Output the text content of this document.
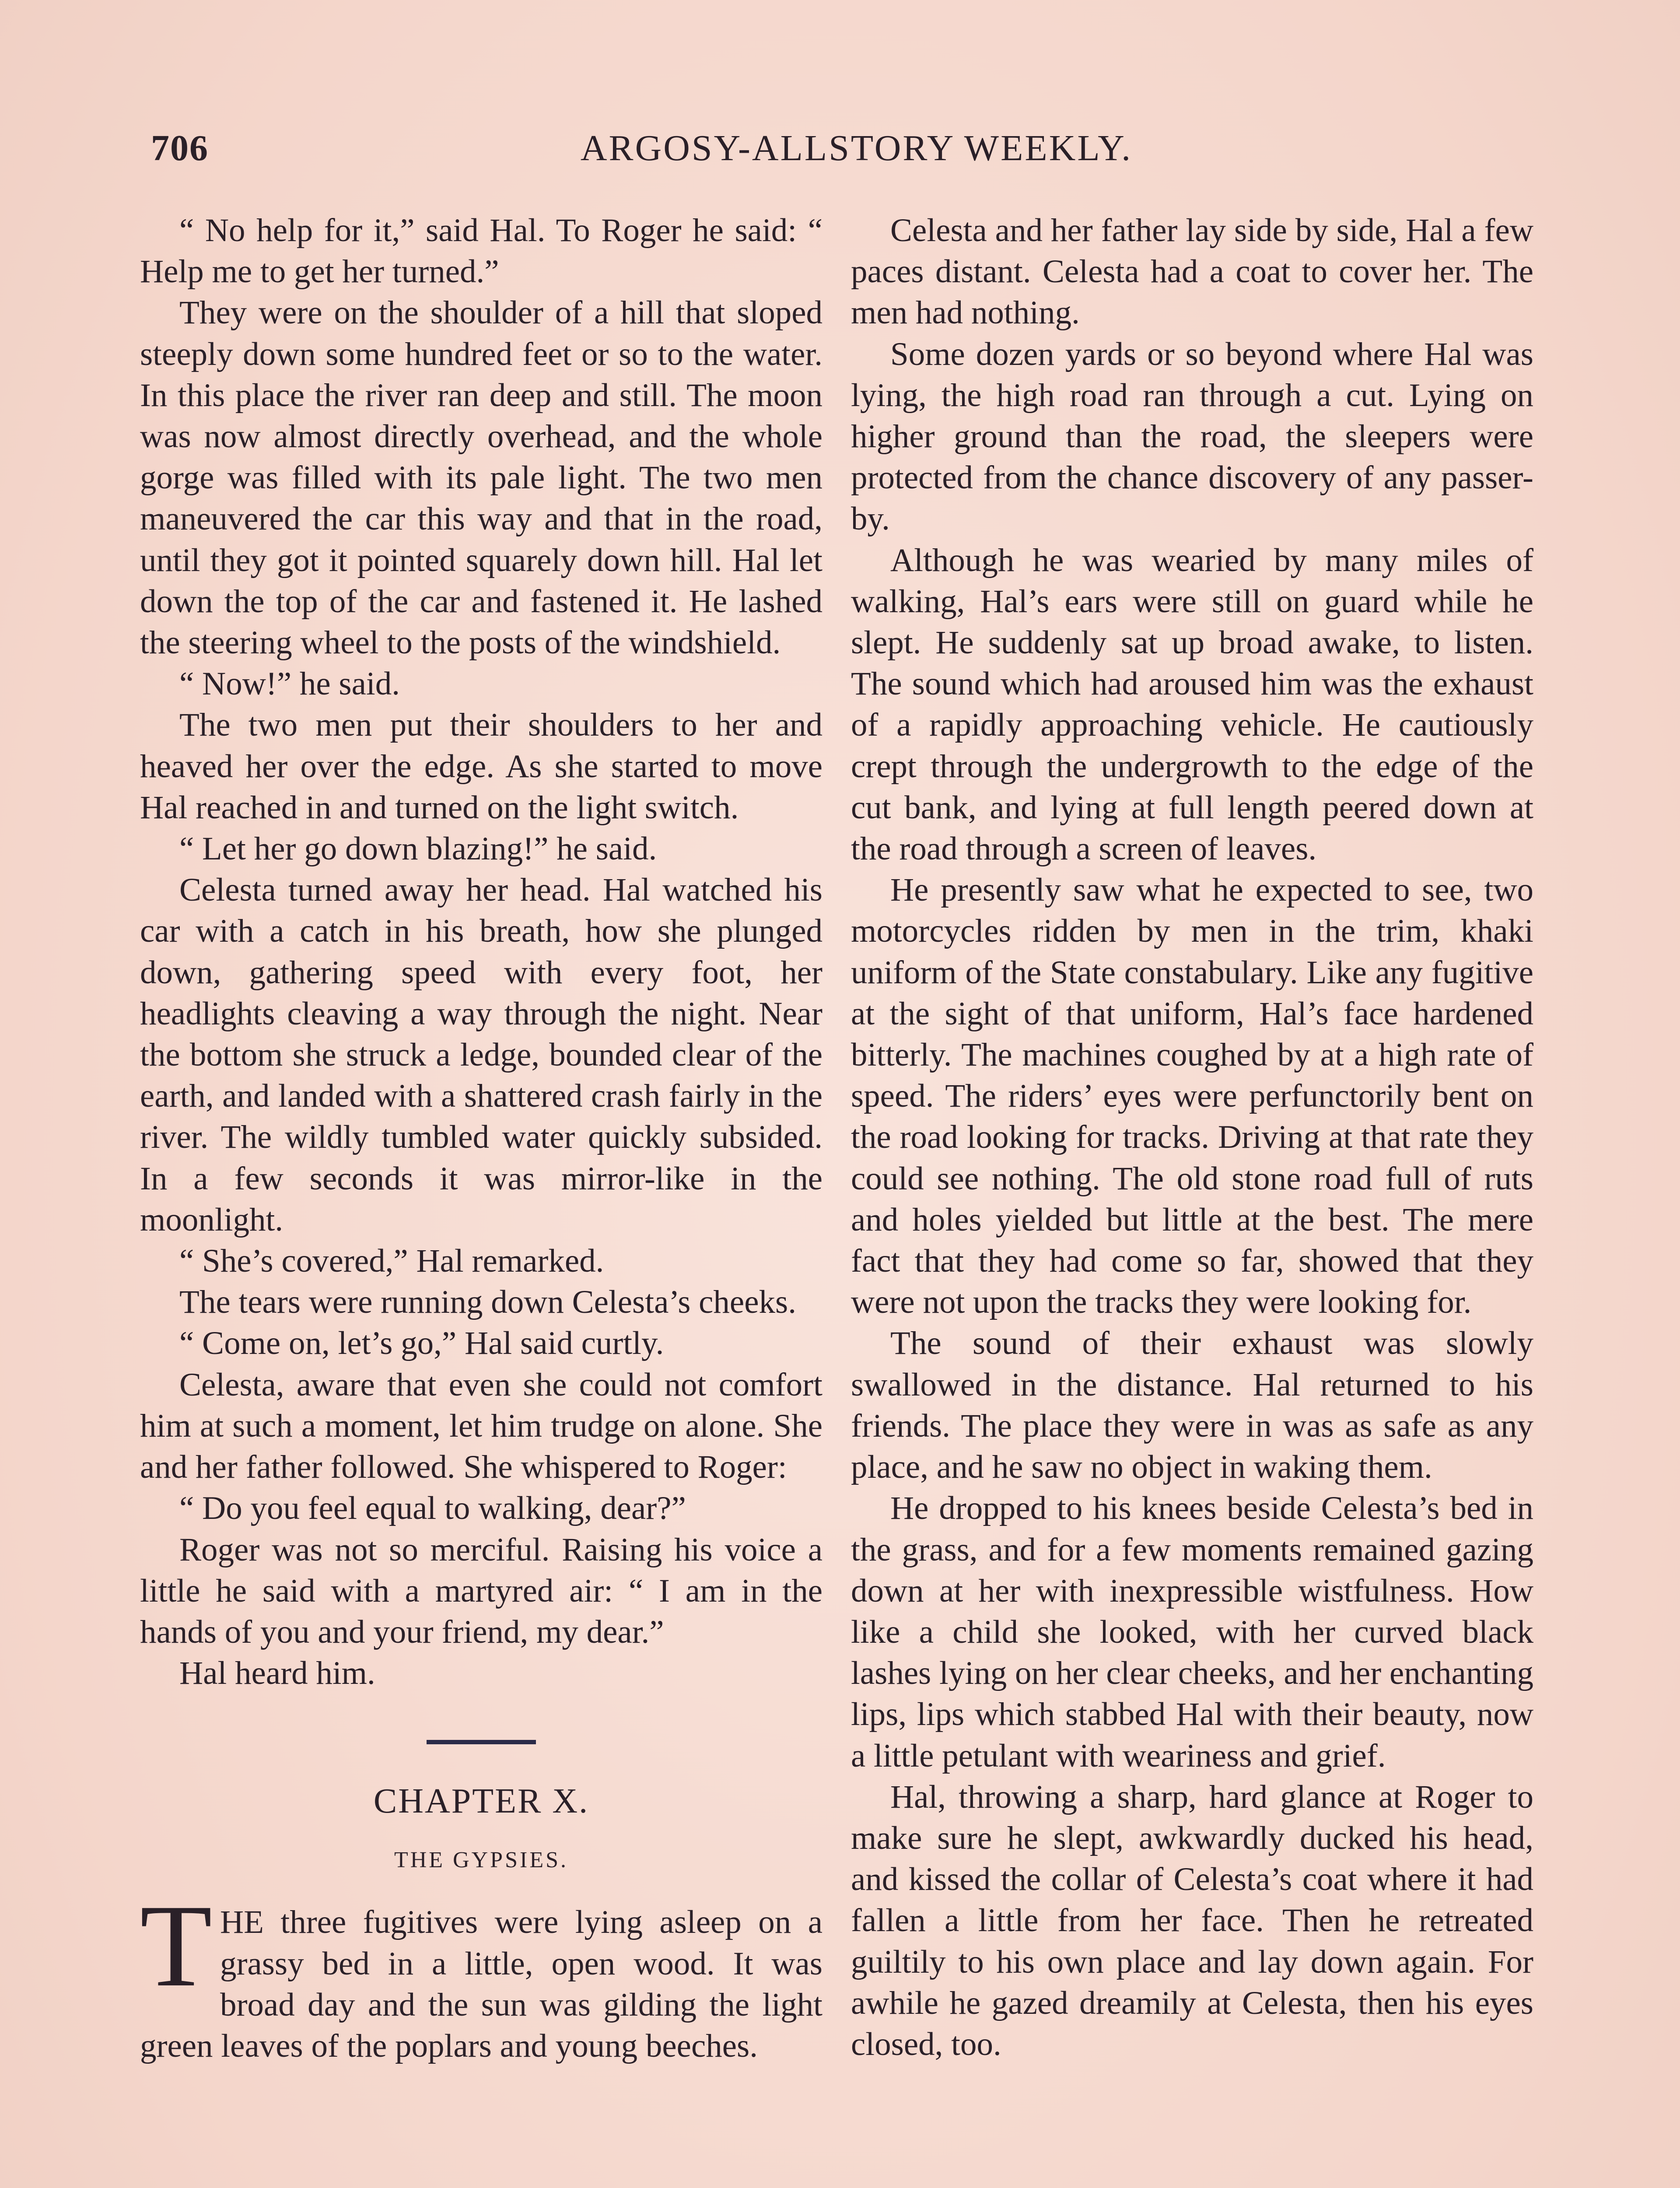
706	ARGOSY-ALLSTORY WEEKLY.

“ No help for it,” said Hal. To Roger he said: “ Help me to get her turned.”

They were on the shoulder of a hill that sloped steeply down some hundred feet or so to the water. In this place the river ran deep and still. The moon was now almost directly overhead, and the whole gorge was filled with its pale light. The two men maneuvered the car this way and that in the road, until they got it pointed squarely down hill. Hal let down the top of the car and fastened it. He lashed the steering wheel to the posts of the windshield.

“ Now!” he said.

The two men put their shoulders to her and heaved her over the edge. As she started to move Hal reached in and turned on the light switch.

“ Let her go down blazing!” he said.

Celesta turned away her head. Hal watched his car with a catch in his breath, how she plunged down, gathering speed with every foot, her headlights cleaving a way through the night. Near the bottom she struck a ledge, bounded clear of the earth, and landed with a shattered crash fairly in the river. The wildly tumbled water quickly subsided. In a few seconds it was mirror-like in the moonlight.

“ She’s covered,” Hal remarked.

The tears were running down Celesta’s cheeks.

“ Come on, let’s go,” Hal said curtly.

Celesta, aware that even she could not comfort him at such a moment, let him trudge on alone. She and her father followed. She whispered to Roger:

“ Do you feel equal to walking, dear?”

Roger was not so merciful. Raising his voice a little he said with a martyred air: “ I am in the hands of you and your friend, my dear.”

Hal heard him.

CHAPTER X.
THE GYPSIES.

THE three fugitives were lying asleep on a grassy bed in a little, open wood. It was broad day and the sun was gilding the light green leaves of the poplars and young beeches.

Celesta and her father lay side by side, Hal a few paces distant. Celesta had a coat to cover her. The men had nothing.

Some dozen yards or so beyond where Hal was lying, the high road ran through a cut. Lying on higher ground than the road, the sleepers were protected from the chance discovery of any passer-by.

Although he was wearied by many miles of walking, Hal’s ears were still on guard while he slept. He suddenly sat up broad awake, to listen. The sound which had aroused him was the exhaust of a rapidly approaching vehicle. He cautiously crept through the undergrowth to the edge of the cut bank, and lying at full length peered down at the road through a screen of leaves.

He presently saw what he expected to see, two motorcycles ridden by men in the trim, khaki uniform of the State constabulary. Like any fugitive at the sight of that uniform, Hal’s face hardened bitterly. The machines coughed by at a high rate of speed. The riders’ eyes were perfunctorily bent on the road looking for tracks. Driving at that rate they could see nothing. The old stone road full of ruts and holes yielded but little at the best. The mere fact that they had come so far, showed that they were not upon the tracks they were looking for.

The sound of their exhaust was slowly swallowed in the distance. Hal returned to his friends. The place they were in was as safe as any place, and he saw no object in waking them.

He dropped to his knees beside Celesta’s bed in the grass, and for a few moments remained gazing down at her with inexpressible wistfulness. How like a child she looked, with her curved black lashes lying on her clear cheeks, and her enchanting lips, lips which stabbed Hal with their beauty, now a little petulant with weariness and grief.

Hal, throwing a sharp, hard glance at Roger to make sure he slept, awkwardly ducked his head, and kissed the collar of Celesta’s coat where it had fallen a little from her face. Then he retreated guiltily to his own place and lay down again. For awhile he gazed dreamily at Celesta, then his eyes closed, too.
